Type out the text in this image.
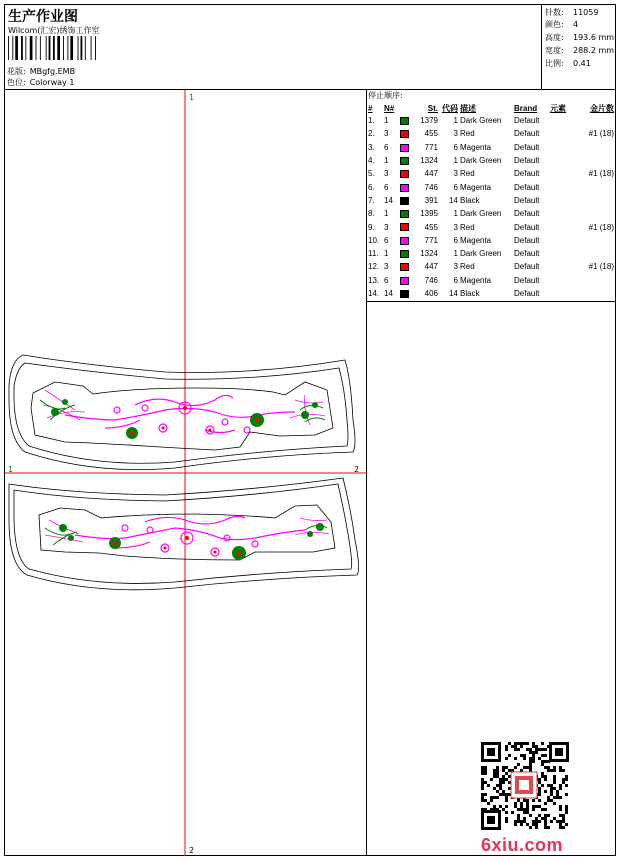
生产作业图
Wilcom(汇宏)绣饰工作室
花版: MBgfg.EMB
色位: Colorway 1
针数: 11059
颜色: 4
高度: 193.6 mm
宽度: 288.2 mm
比例: 0.41
1
1	2
2
停止顺序:
#	N#		St.	代码	描述	Brand	元素	金片数
1.	1		1379	1	Dark Green	Default		
2.	3		455	3	Red	Default		#1 (18)
3.	6		771	6	Magenta	Default		
4.	1		1324	1	Dark Green	Default		
5.	3		447	3	Red	Default		#1 (18)
6.	6		746	6	Magenta	Default		
7.	14		391	14	Black	Default		
8.	1		1395	1	Dark Green	Default		
9.	3		455	3	Red	Default		#1 (18)
10.	6		771	6	Magenta	Default		
11.	1		1324	1	Dark Green	Default		
12.	3		447	3	Red	Default		#1 (18)
13.	6		746	6	Magenta	Default		
14.	14		406	14	Black	Default		
6xiu.com
